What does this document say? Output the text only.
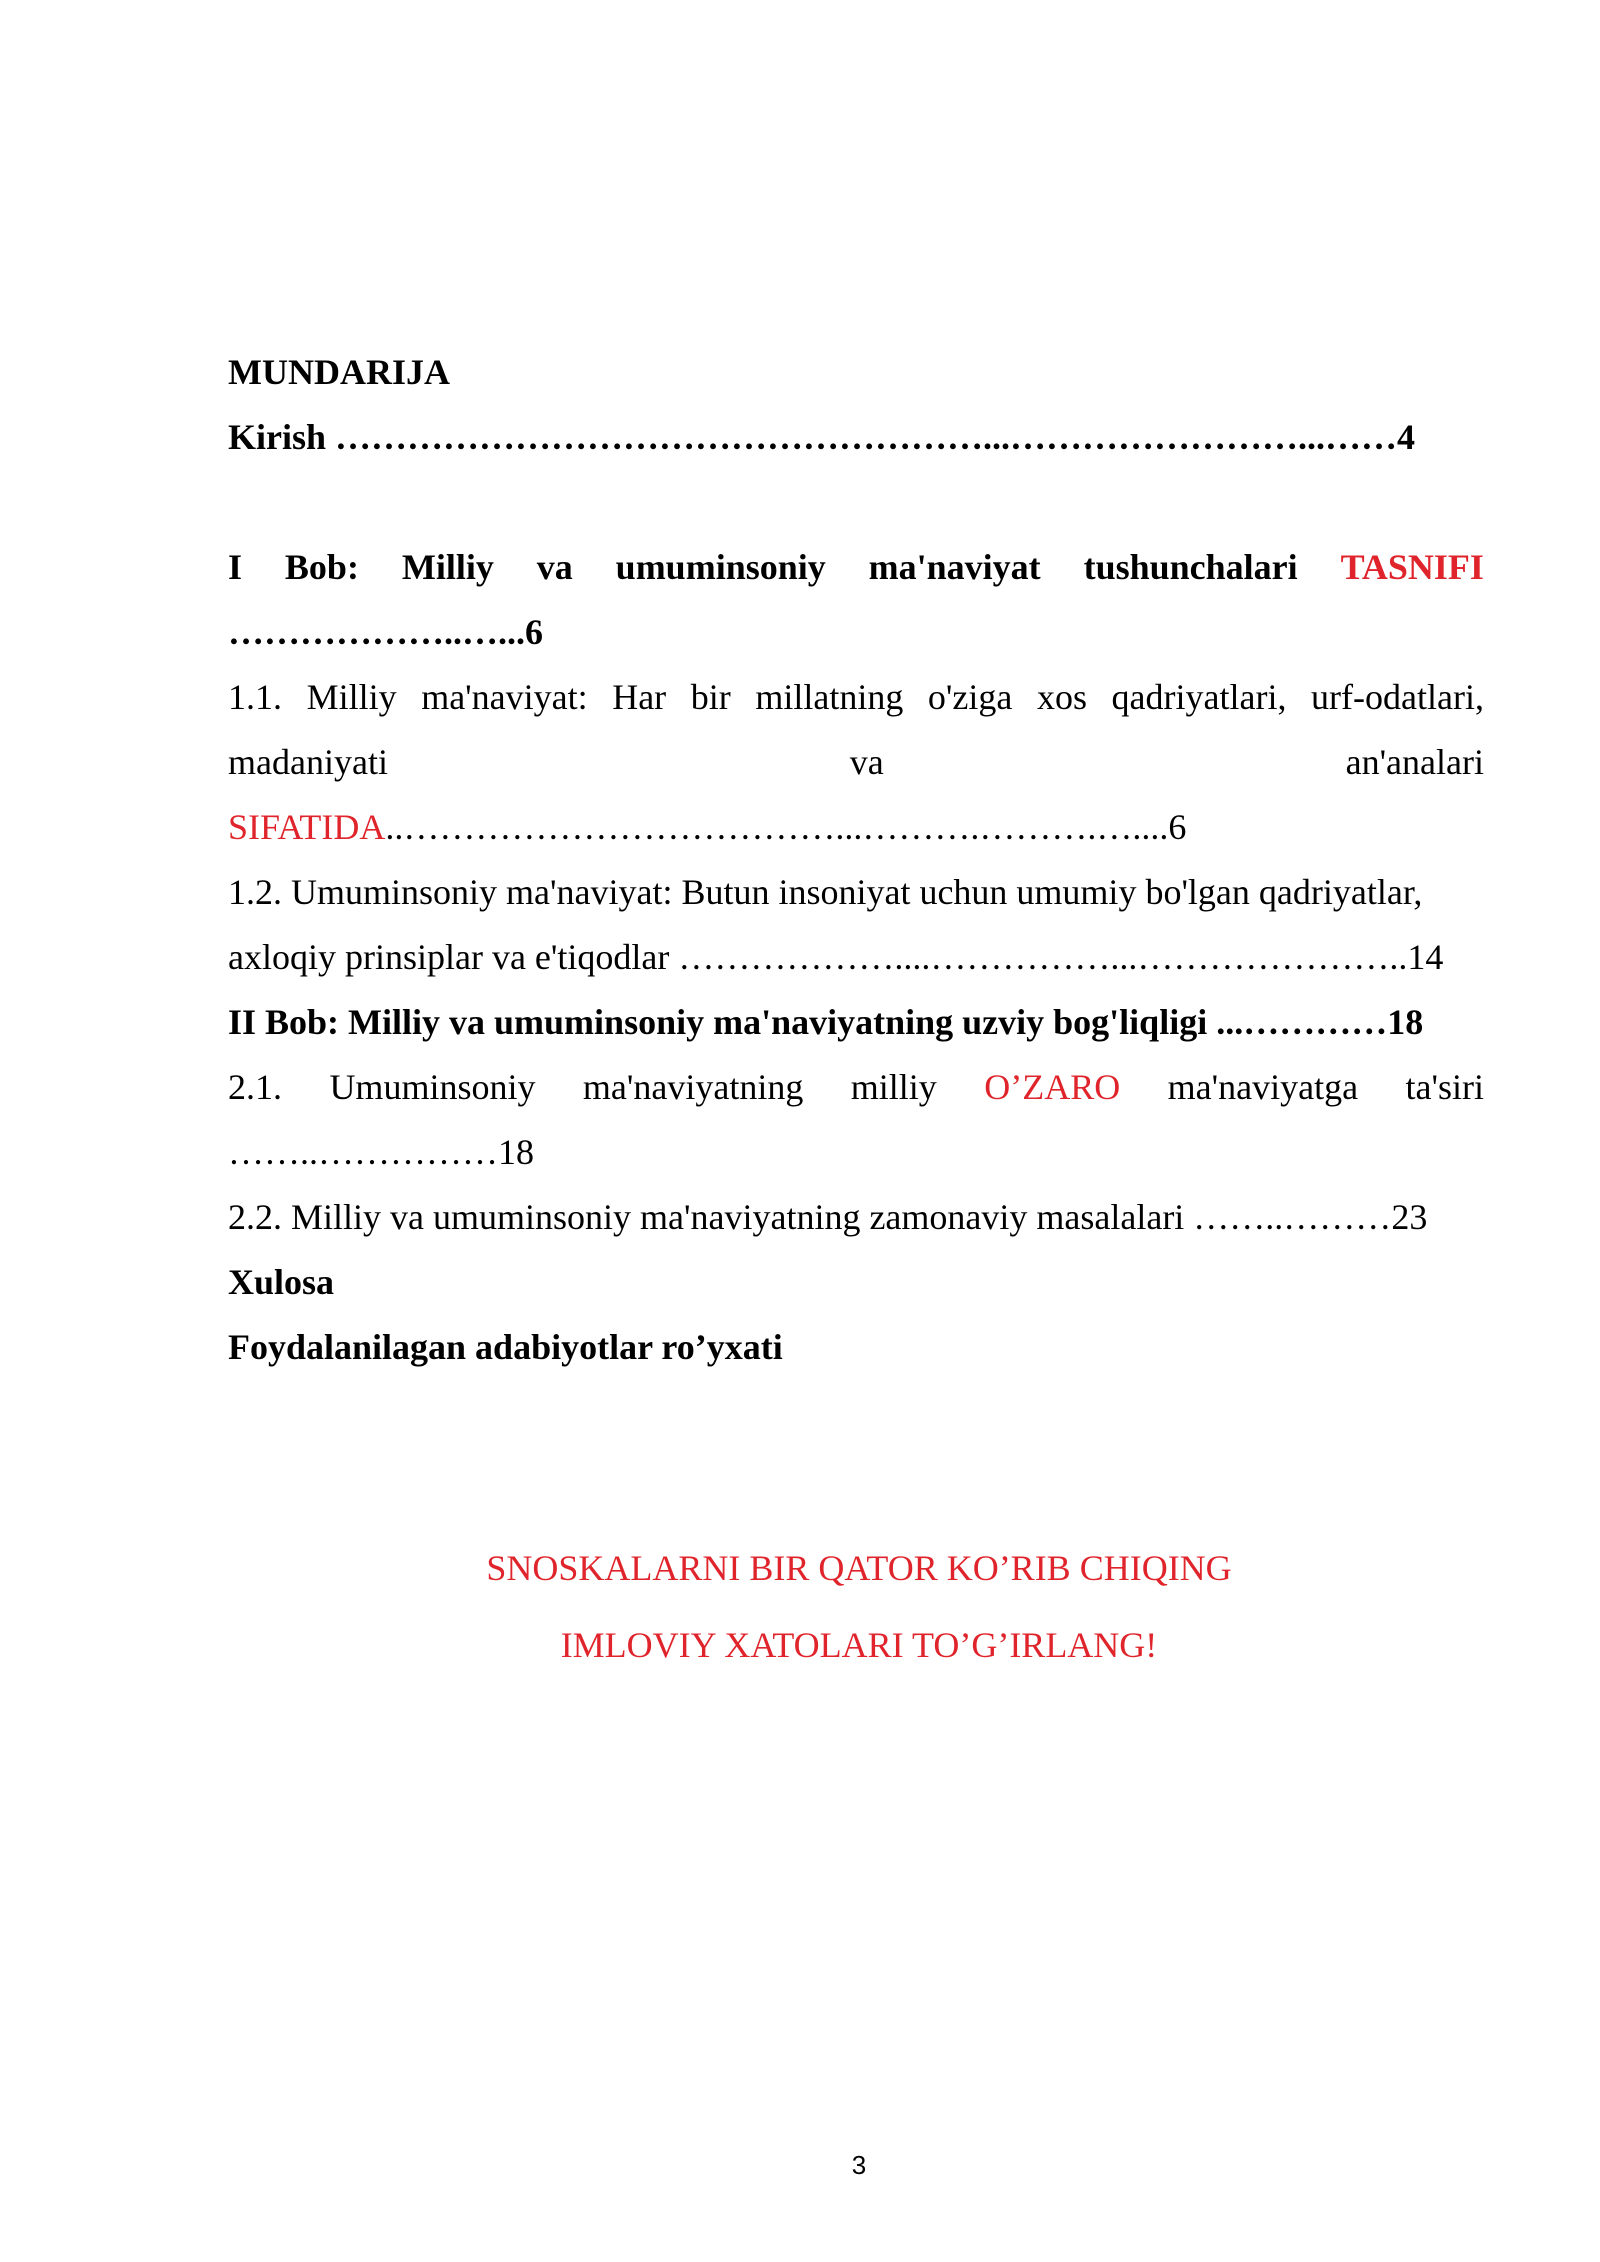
MUNDARIJA
Kirish ………………………………………………...……………………...……4
I Bob: Milliy va umuminsoniy ma'naviyat tushunchalari TASNIFI
………………..…...6
1.1. Milliy ma'naviyat: Har bir millatning o'ziga xos qadriyatlari, urf-odatlari,
madaniyati	va	an'analari
SIFATIDA..………………………………...……….……….…....6
1.2. Umuminsoniy ma'naviyat: Butun insoniyat uchun umumiy bo'lgan qadriyatlar,
axloqiy prinsiplar va e'tiqodlar ………………....……………...…………………..14
II Bob: Milliy va umuminsoniy ma'naviyatning uzviy bog'liqligi ...…………18
2.1. Umuminsoniy ma'naviyatning milliy O’ZARO ma'naviyatga ta'siri
……..……………18
2.2. Milliy va umuminsoniy ma'naviyatning zamonaviy masalalari ……..………23
Xulosa
Foydalanilagan adabiyotlar ro’yxati
SNOSKALARNI BIR QATOR KO’RIB CHIQING
IMLOVIY XATOLARI TO’G’IRLANG!
3
